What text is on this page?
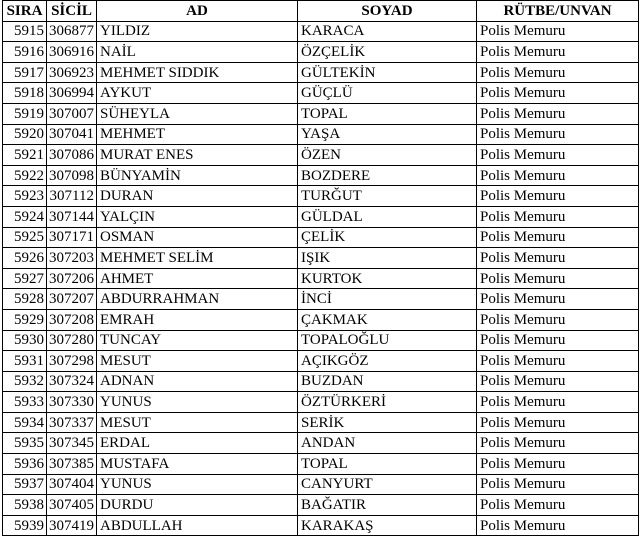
SIRA	SİCİL	AD	SOYAD	RÜTBE/UNVAN
5915	306877	YILDIZ	KARACA	Polis Memuru
5916	306916	NAİL	ÖZÇELİK	Polis Memuru
5917	306923	MEHMET SIDDIK	GÜLTEKİN	Polis Memuru
5918	306994	AYKUT	GÜÇLÜ	Polis Memuru
5919	307007	SÜHEYLA	TOPAL	Polis Memuru
5920	307041	MEHMET	YAŞA	Polis Memuru
5921	307086	MURAT ENES	ÖZEN	Polis Memuru
5922	307098	BÜNYAMİN	BOZDERE	Polis Memuru
5923	307112	DURAN	TURĞUT	Polis Memuru
5924	307144	YALÇIN	GÜLDAL	Polis Memuru
5925	307171	OSMAN	ÇELİK	Polis Memuru
5926	307203	MEHMET SELİM	IŞIK	Polis Memuru
5927	307206	AHMET	KURTOK	Polis Memuru
5928	307207	ABDURRAHMAN	İNCİ	Polis Memuru
5929	307208	EMRAH	ÇAKMAK	Polis Memuru
5930	307280	TUNCAY	TOPALOĞLU	Polis Memuru
5931	307298	MESUT	AÇIKGÖZ	Polis Memuru
5932	307324	ADNAN	BUZDAN	Polis Memuru
5933	307330	YUNUS	ÖZTÜRKERİ	Polis Memuru
5934	307337	MESUT	SERİK	Polis Memuru
5935	307345	ERDAL	ANDAN	Polis Memuru
5936	307385	MUSTAFA	TOPAL	Polis Memuru
5937	307404	YUNUS	CANYURT	Polis Memuru
5938	307405	DURDU	BAĞATIR	Polis Memuru
5939	307419	ABDULLAH	KARAKAŞ	Polis Memuru
